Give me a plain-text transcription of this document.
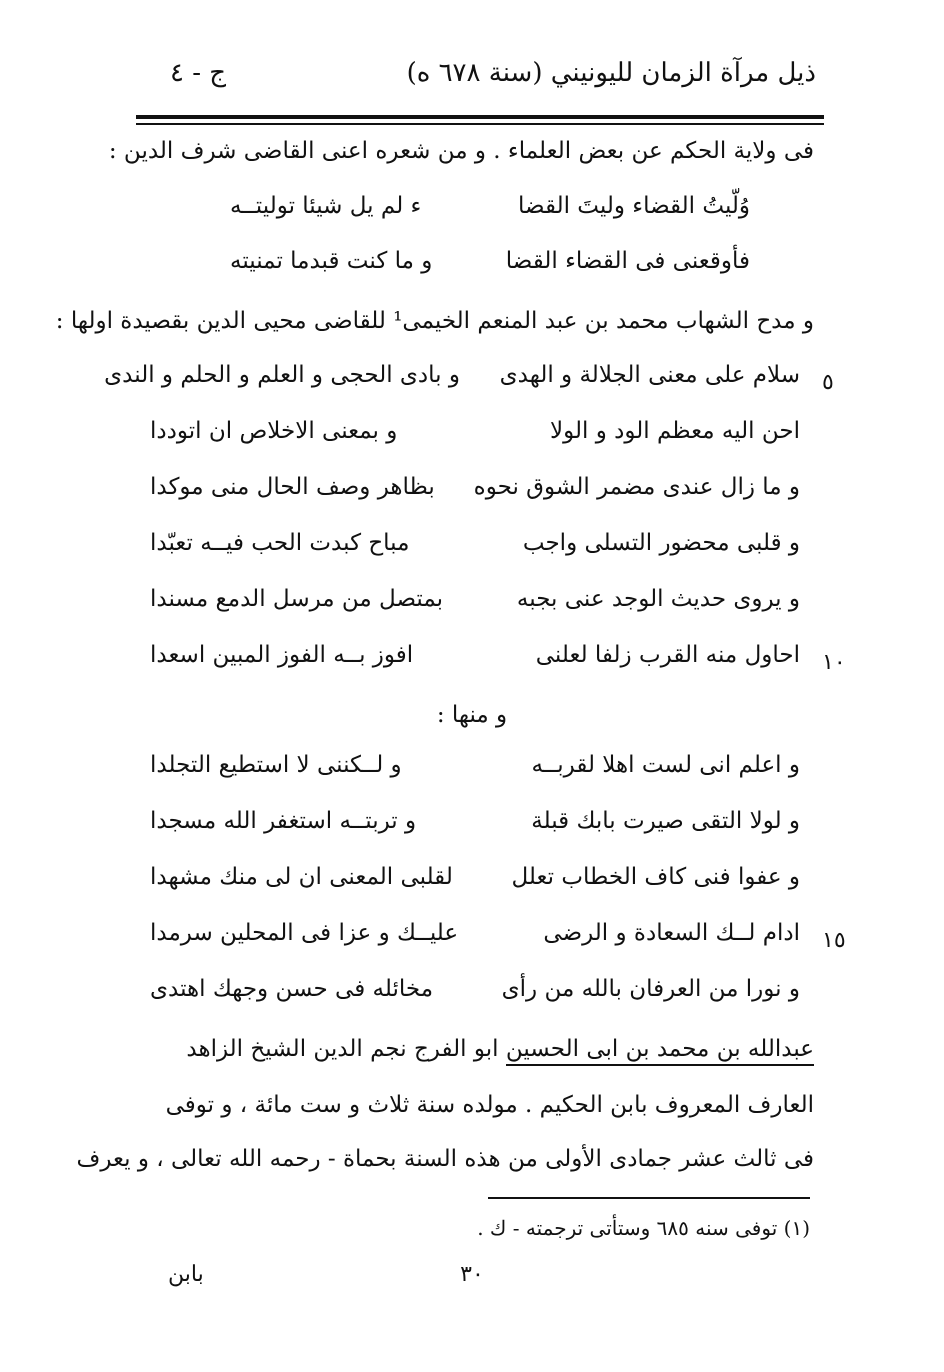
ذيل مرآة الزمان لليونيني (سنة ٦٧٨ ه)
ج - ٤
فى ولاية الحكم عن بعض العلماء . و من شعره اعنى القاضى شرف الدين :
وُلّيتُ القضاء وليتَ القضا
ء لم يل شيئا توليتــه
فأوقعنى فى القضاء القضا
و ما كنت قبدما تمنيته
و مدح الشهاب محمد بن عبد المنعم الخيمى¹ للقاضى محيى الدين بقصيدة اولها :
٥
سلام على معنى الجلالة و الهدى
و بادى الحجى و العلم و الحلم و الندى
احن اليه معظم الود و الولا
و بمعنى الاخلاص ان اتوددا
و ما زال عندى مضمر الشوق نحوه
بظاهر وصف الحال منى موكدا
و قلبى محضور التسلى واجب
مباح كبدت الحب فيــه تعبّدا
و يروى حديث الوجد عنى بجبه
بمتصل من مرسل الدمع مسندا
١٠
احاول منه القرب زلفا لعلنى
افوز بــه الفوز المبين اسعدا
و منها :
و اعلم انى لست اهلا لقربــه
و لــكننى لا استطيع التجلدا
و لولا التقى صيرت بابك قبلة
و تربتــه استغفر الله مسجدا
و عفوا فنى كاف الخطاب تعلل
لقلبى المعنى ان لى منك مشهدا
١٥
ادام لــك السعادة و الرضى
عليــك و عزا فى المحلين سرمدا
و نورا من العرفان بالله من رأى
مخائله فى حسن وجهك اهتدى
عبدالله بن محمد بن ابى الحسين ابو الفرج نجم الدين الشيخ الزاهد
العارف المعروف بابن الحكيم . مولده سنة ثلاث و ست مائة ، و توفى
فى ثالث عشر جمادى الأولى من هذه السنة بحماة - رحمه الله تعالى ، و يعرف
(١) توفى سنه ٦٨٥ وستأتى ترجمته - ك .
٣٠
بابن
